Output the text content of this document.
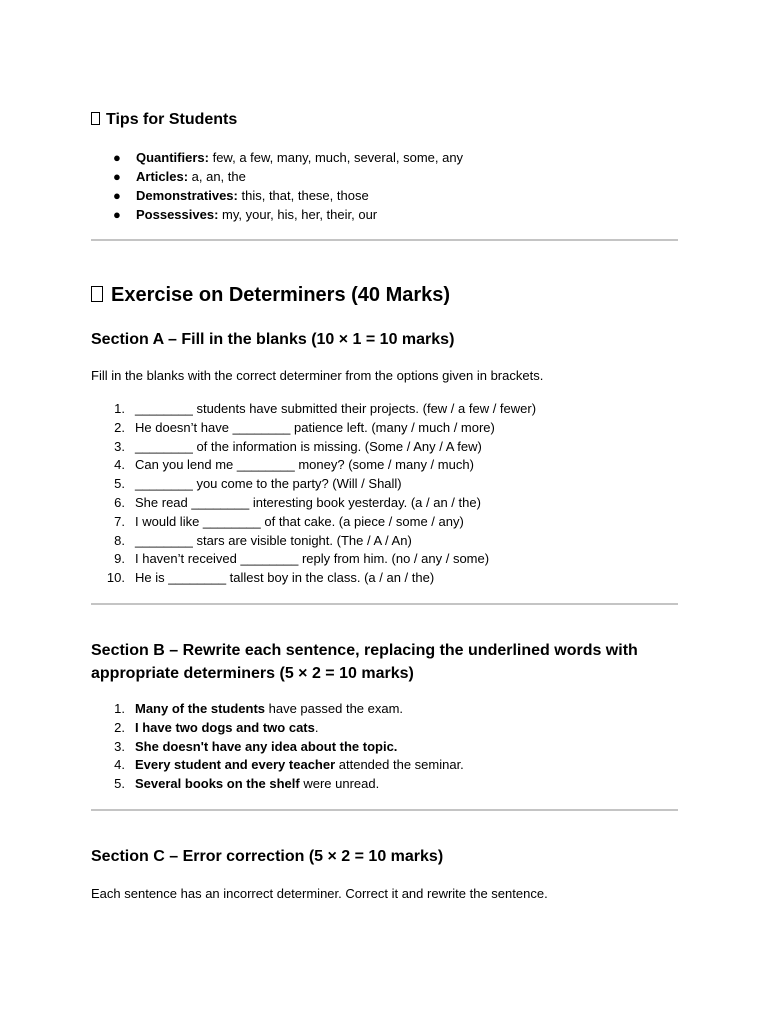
Tips for Students
● Quantifiers: few, a few, many, much, several, some, any
● Articles: a, an, the
● Demonstratives: this, that, these, those
● Possessives: my, your, his, her, their, our
Exercise on Determiners (40 Marks)
Section A – Fill in the blanks (10 × 1 = 10 marks)
Fill in the blanks with the correct determiner from the options given in brackets.
1. ________ students have submitted their projects. (few / a few / fewer)
2. He doesn’t have ________ patience left. (many / much / more)
3. ________ of the information is missing. (Some / Any / A few)
4. Can you lend me ________ money? (some / many / much)
5. ________ you come to the party? (Will / Shall)
6. She read ________ interesting book yesterday. (a / an / the)
7. I would like ________ of that cake. (a piece / some / any)
8. ________ stars are visible tonight. (The / A / An)
9. I haven’t received ________ reply from him. (no / any / some)
10. He is ________ tallest boy in the class. (a / an / the)
Section B – Rewrite each sentence, replacing the underlined words with
appropriate determiners (5 × 2 = 10 marks)
1. Many of the students have passed the exam.
2. I have two dogs and two cats.
3. She doesn't have any idea about the topic.
4. Every student and every teacher attended the seminar.
5. Several books on the shelf were unread.
Section C – Error correction (5 × 2 = 10 marks)
Each sentence has an incorrect determiner. Correct it and rewrite the sentence.
